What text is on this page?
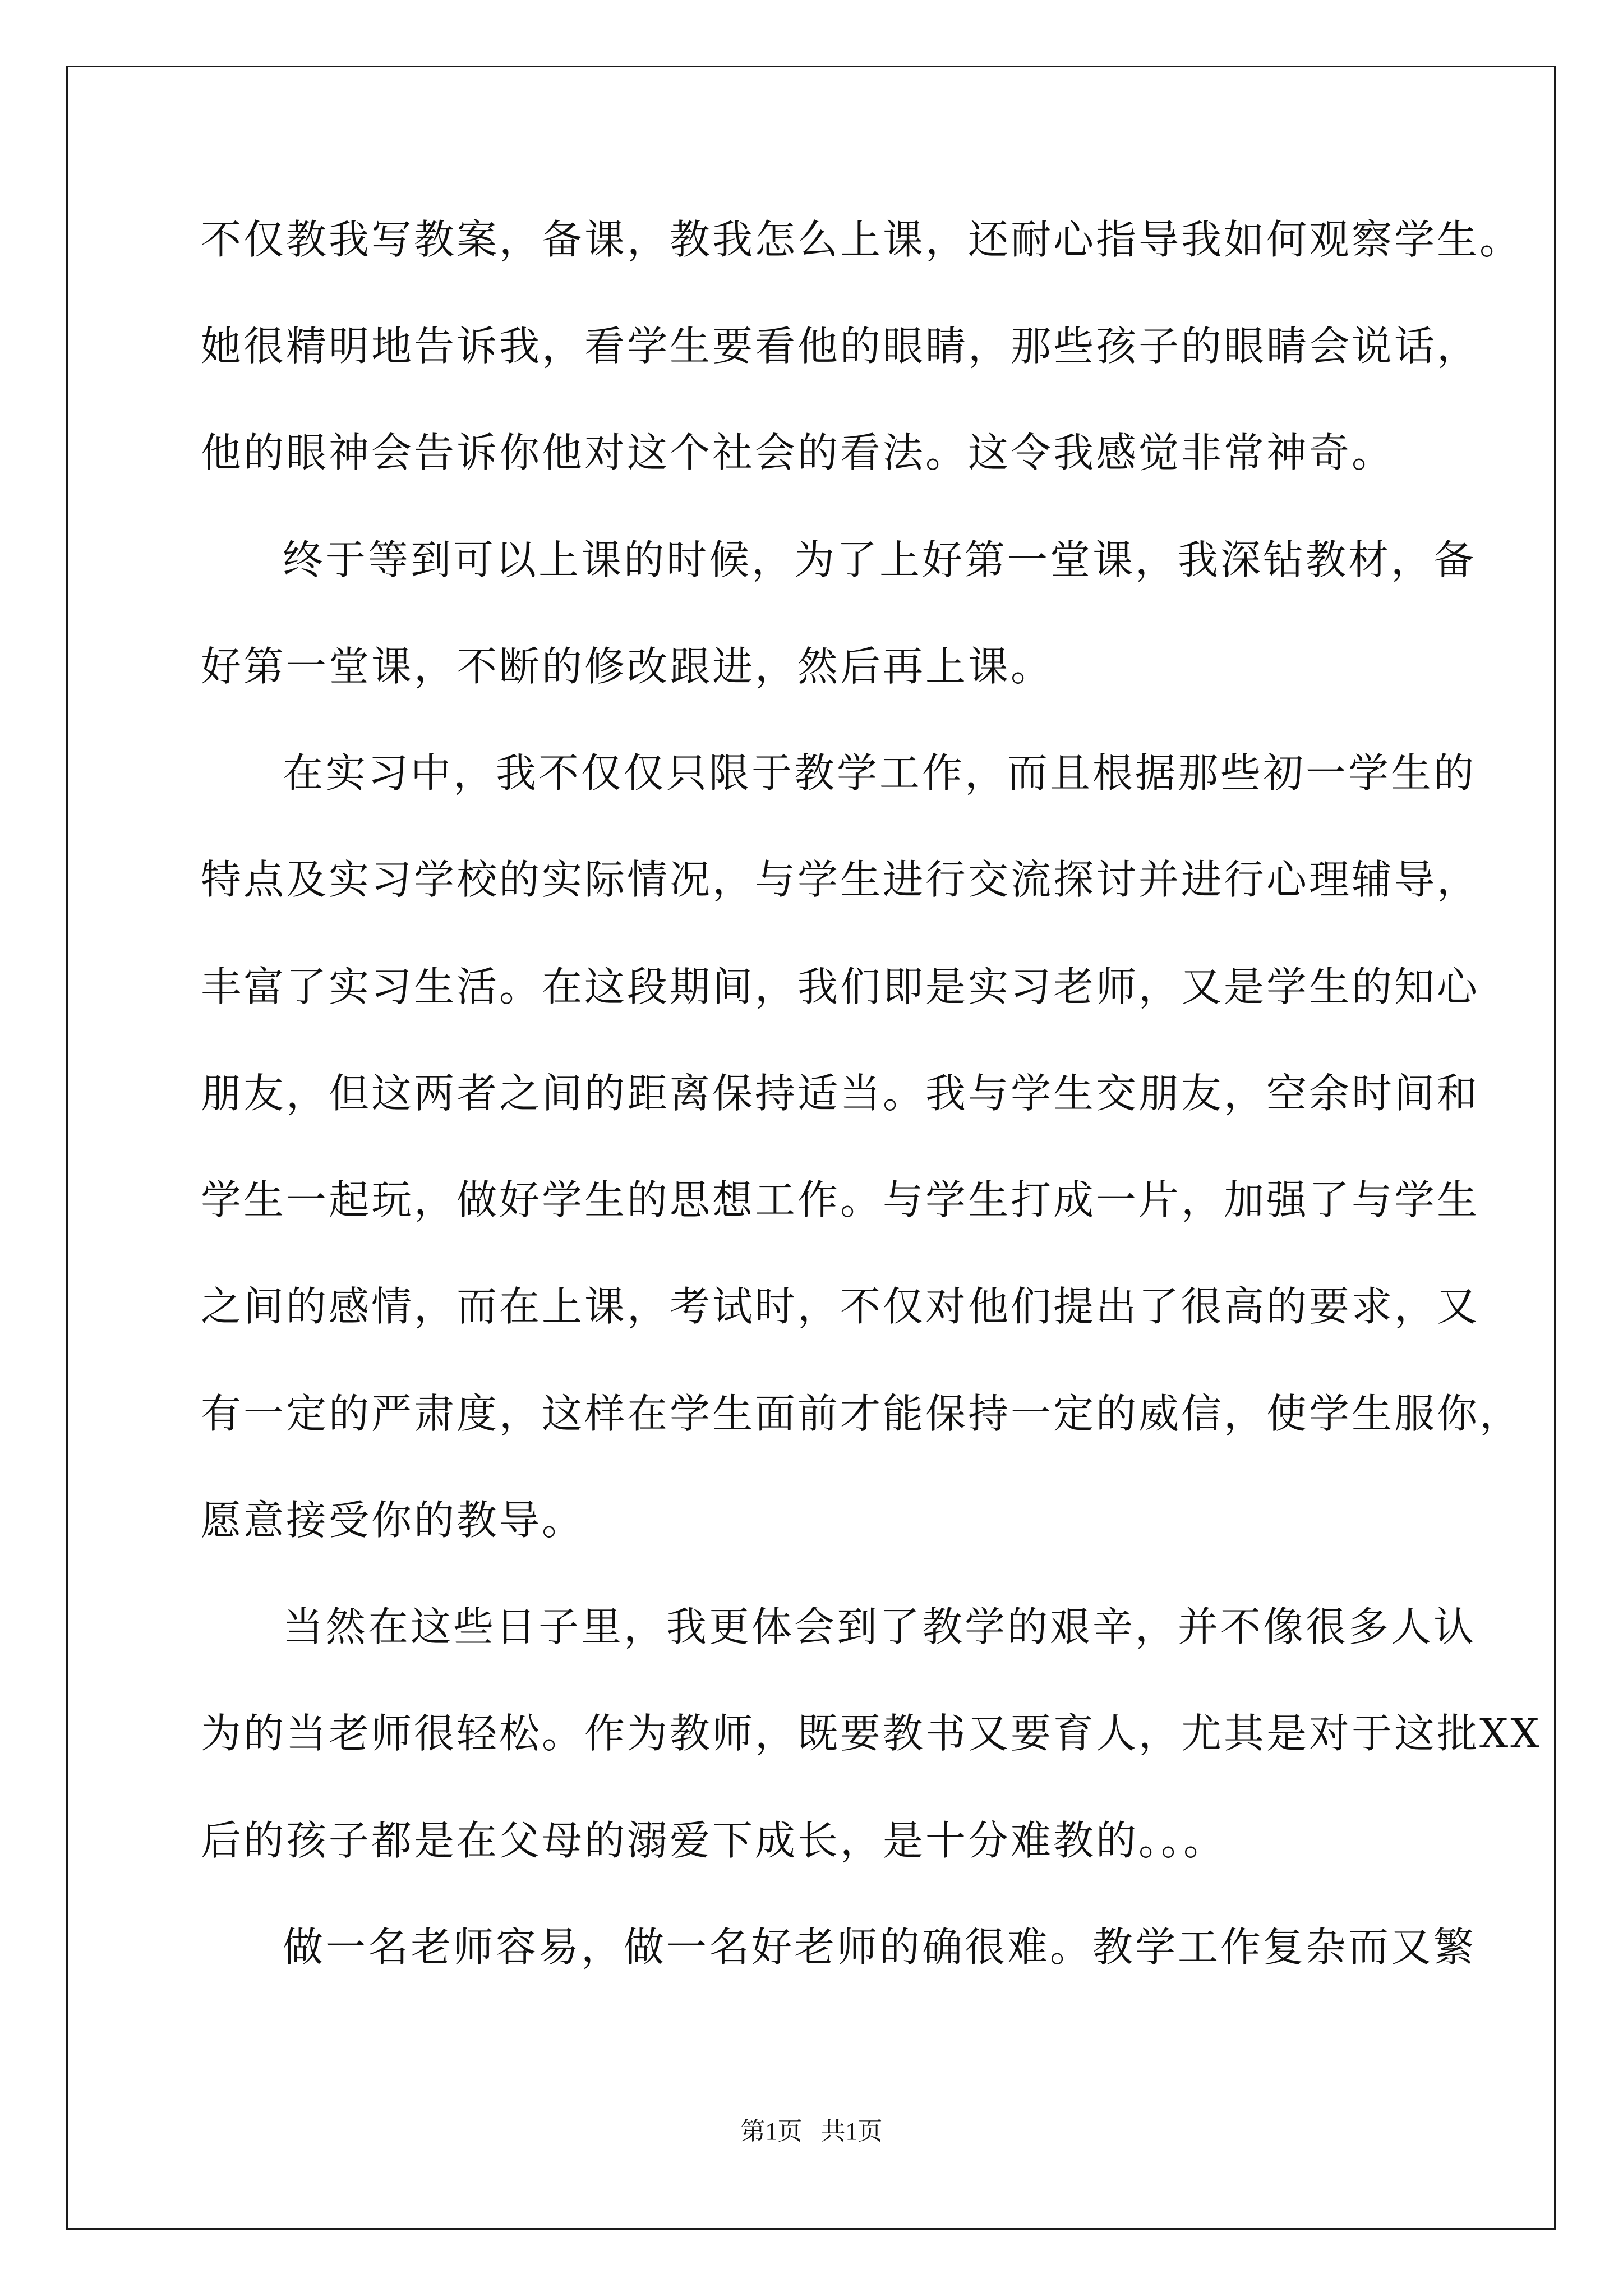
不仅教我写教案，备课，教我怎么上课，还耐心指导我如何观察学生。
她很精明地告诉我，看学生要看他的眼睛，那些孩子的眼睛会说话，
他的眼神会告诉你他对这个社会的看法。这令我感觉非常神奇。
终于等到可以上课的时候，为了上好第一堂课，我深钻教材，备
好第一堂课，不断的修改跟进，然后再上课。
在实习中，我不仅仅只限于教学工作，而且根据那些初一学生的
特点及实习学校的实际情况，与学生进行交流探讨并进行心理辅导，
丰富了实习生活。在这段期间，我们即是实习老师，又是学生的知心
朋友，但这两者之间的距离保持适当。我与学生交朋友，空余时间和
学生一起玩，做好学生的思想工作。与学生打成一片，加强了与学生
之间的感情，而在上课，考试时，不仅对他们提出了很高的要求，又
有一定的严肃度，这样在学生面前才能保持一定的威信，使学生服你，
愿意接受你的教导。
当然在这些日子里，我更体会到了教学的艰辛，并不像很多人认
为的当老师很轻松。作为教师，既要教书又要育人，尤其是对于这批XX
后的孩子都是在父母的溺爱下成长，是十分难教的。。。
做一名老师容易，做一名好老师的确很难。教学工作复杂而又繁
第1页   共1页
